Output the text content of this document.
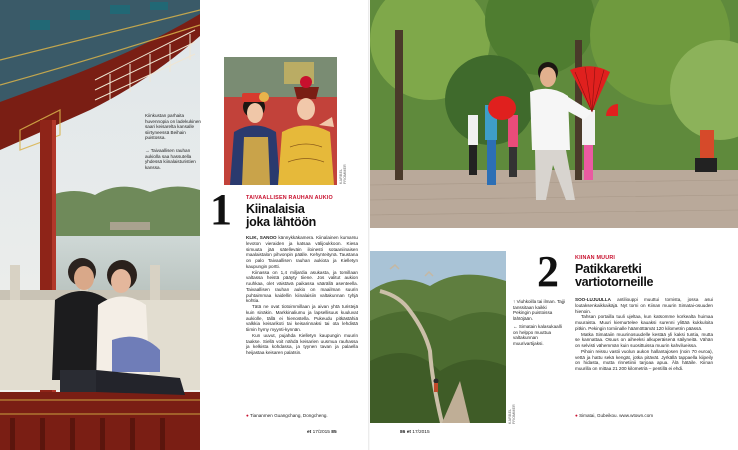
KARBEL FROMMER
Kiinkustan parhaita huvennopia on ladekukinen saari keisarelta kansalle siirtyneessä Beihain puistossa.
→ Taivaallisen rauhan aukiolla saa hassutella yhdessä kiinalaisturistien kanssa.
1	TAIVAALLISEN RAUHAN AUKIO
Kiinalaisia
joka lähtöön

KLIK, SANOO kännykkäkamera. Kiinalainen kumarsu levoton vieraiden ja katsaa välijoukkoon. Kiesa simuuta jää sätelleväin iloinesti sotaaniinaisen maalaistalon pihvonpin päälle. Kehynteitynä. Taustana on palo Taivaallisen rauhan aukiota ja Kielletyn kaupungin portti.

Kiinassa on 1,4 miljardia asukasta, ja tomillaan valtassa heistä pääyty tiiene. Jos valitut aukion ruuhkaa, olet väistävä paikassa väärällä asenteella. Taivaallisen rauhan aukio on maailman suurin puhtaimmaa kaidellin kiinalaisiin valtakunnan tyhjä kohtia.

Tätä ne ovat tiotoimmillaan ja aivan yhtä turistejä kuin sinäkin. Markkinaliumu ja lapsellisuus kuuluvat aukiolle, tällä ei hienostella. Pukeudu pitkästähiä valkkia keisarikoti tai keisarinnaksi tai ota lehdistä tiimin hymy myynti-kynnän.

Kun uuvut, pujahda Kielletyn kaupungin muurin taakse. Siellä voit nähdä keisarien uusmua rauhassa ja kelkista kohdassa, ja tyynen tavan ja palaella heijastaa keisaren palatsin.

● Tiananmen Guangchang, Dongcheng.
et 17/2015 85
KARBEL FROMMER
↑ Viuhkoilla tai ilman. Tajji tanssitaan kaikki Pekingin puistoissa lähtöjään.
← Simatain kalasukaalli on helppo muuttua valtakunnan muurivartijaksi.
2	KIINAN MUURI
Patikkaretki
vartiotorneille

SOO-LUJUULLA antiliouppi muuttui tornista, jossa asui loutaksenkaikkaikäjä. Nyt torni on Kiinan muurin Simatai-osuuden hienoin.

Tahsan portailla tuuli ujeltaa, kun katsomme korkealta huimaa muuraista. Muuri kiemurtelee kauaksi surenni ylittää kukkuloita pitkin. Pekingin torniinalle häämöttämät 120 kilometrin päässä.

Matka Simataiin muurinosuudelle kestää yli kaksi tuntia, mutta se kannattaa. Osuus on aiheeksi alkuperäisenä säilyneitä. Vähän on selvisti vähemmän kuin suosittuissa muurin kahvilueissa.

Pihoin reissu vastii vuolun aukon hallantajosen (noin 70 euroa), vettä ja hattu sekä kengät, jotka pitävät. Jyrkällä tappaella kiipeily on hidasta, mutta rinnetiinii tarjoaa apua. Älä hätäile. Kiinan muurilla on mittaa 21 200 kilometriä – pentillä ei ehdi.

● Simatai, Gubeikou. www.wtown.com
86 et 17/2015
